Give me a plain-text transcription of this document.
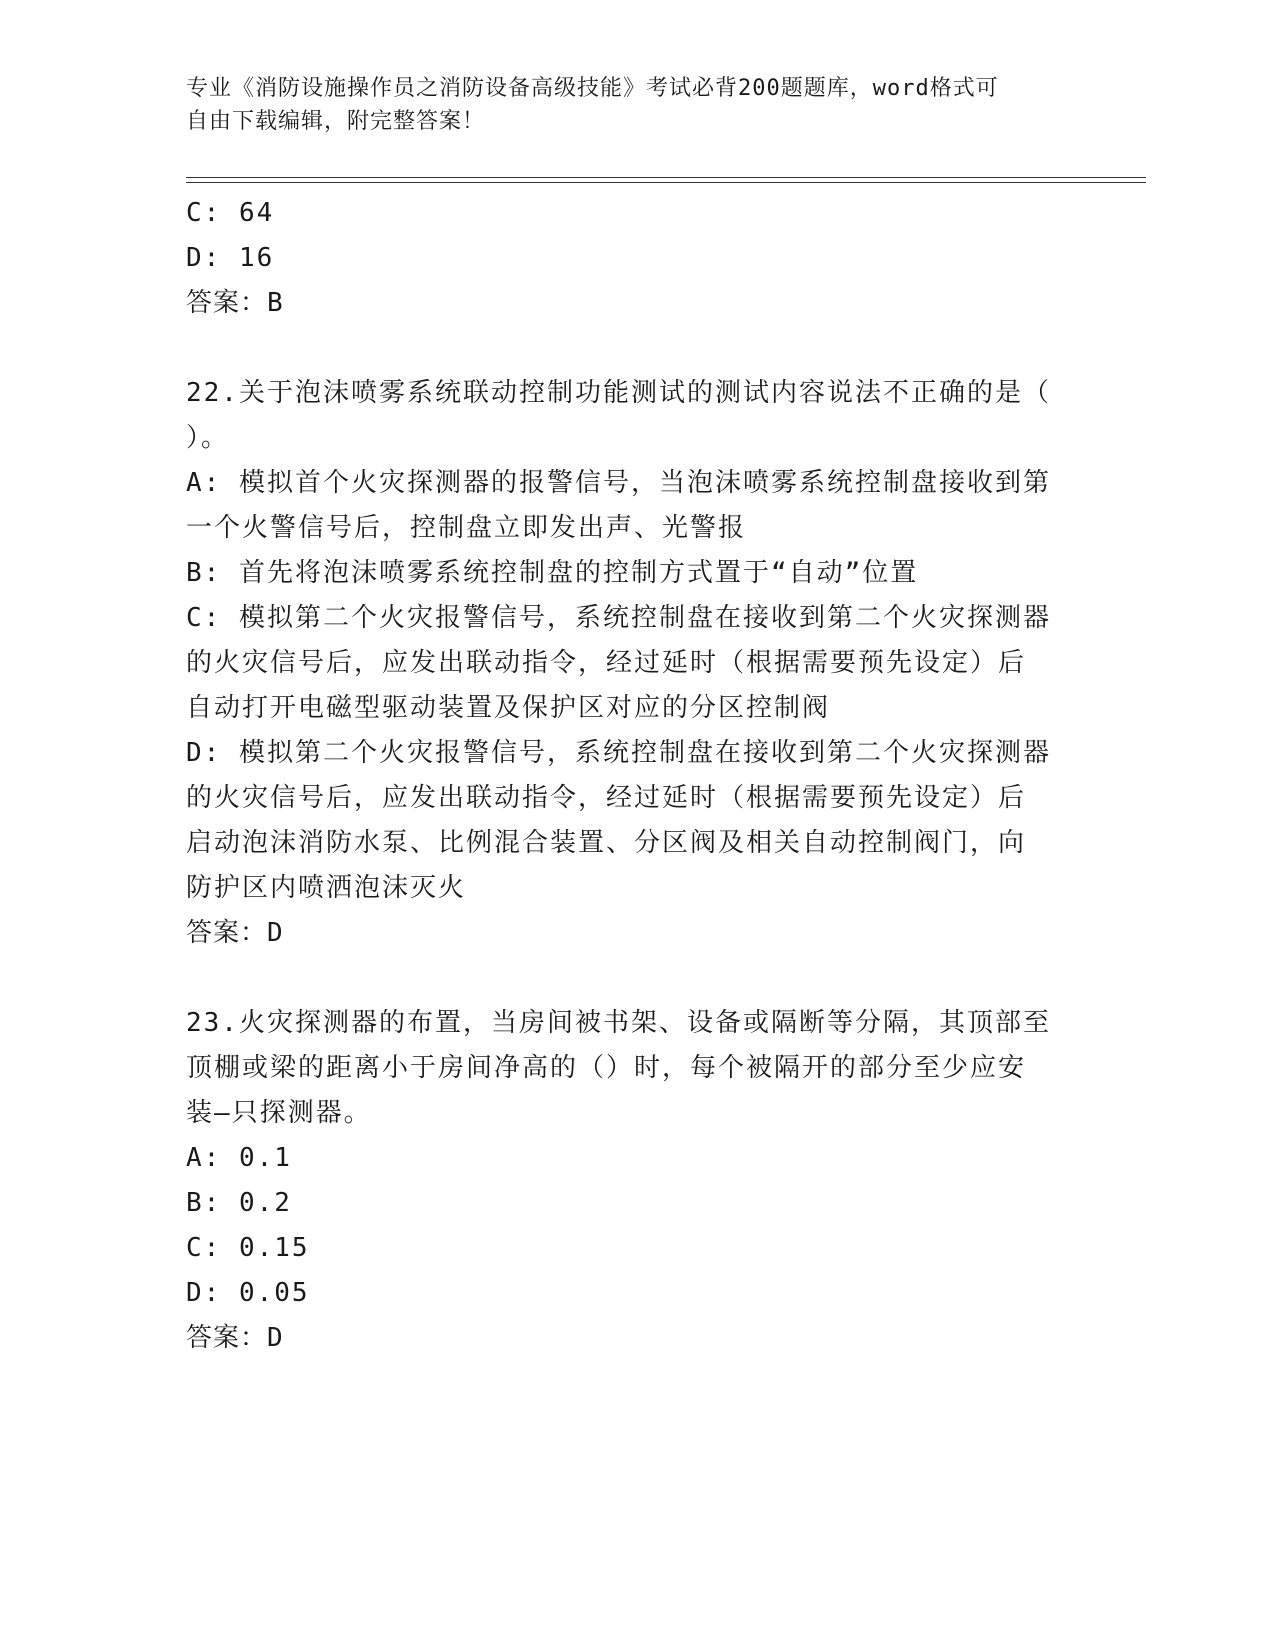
专业《消防设施操作员之消防设备高级技能》考试必背200题题库，word格式可
自由下载编辑，附完整答案！
C: 64
D: 16
答案：B
22.关于泡沫喷雾系统联动控制功能测试的测试内容说法不正确的是（
）。
A: 模拟首个火灾探测器的报警信号，当泡沫喷雾系统控制盘接收到第
一个火警信号后，控制盘立即发出声、光警报
B: 首先将泡沫喷雾系统控制盘的控制方式置于“自动”位置
C: 模拟第二个火灾报警信号，系统控制盘在接收到第二个火灾探测器
的火灾信号后，应发出联动指令，经过延时（根据需要预先设定）后
自动打开电磁型驱动装置及保护区对应的分区控制阀
D: 模拟第二个火灾报警信号，系统控制盘在接收到第二个火灾探测器
的火灾信号后，应发出联动指令，经过延时（根据需要预先设定）后
启动泡沫消防水泵、比例混合装置、分区阀及相关自动控制阀门，向
防护区内喷洒泡沫灭火
答案：D
23.火灾探测器的布置，当房间被书架、设备或隔断等分隔，其顶部至
顶棚或梁的距离小于房间净高的（）时，每个被隔开的部分至少应安
装—只探测器。
A: 0.1
B: 0.2
C: 0.15
D: 0.05
答案：D
